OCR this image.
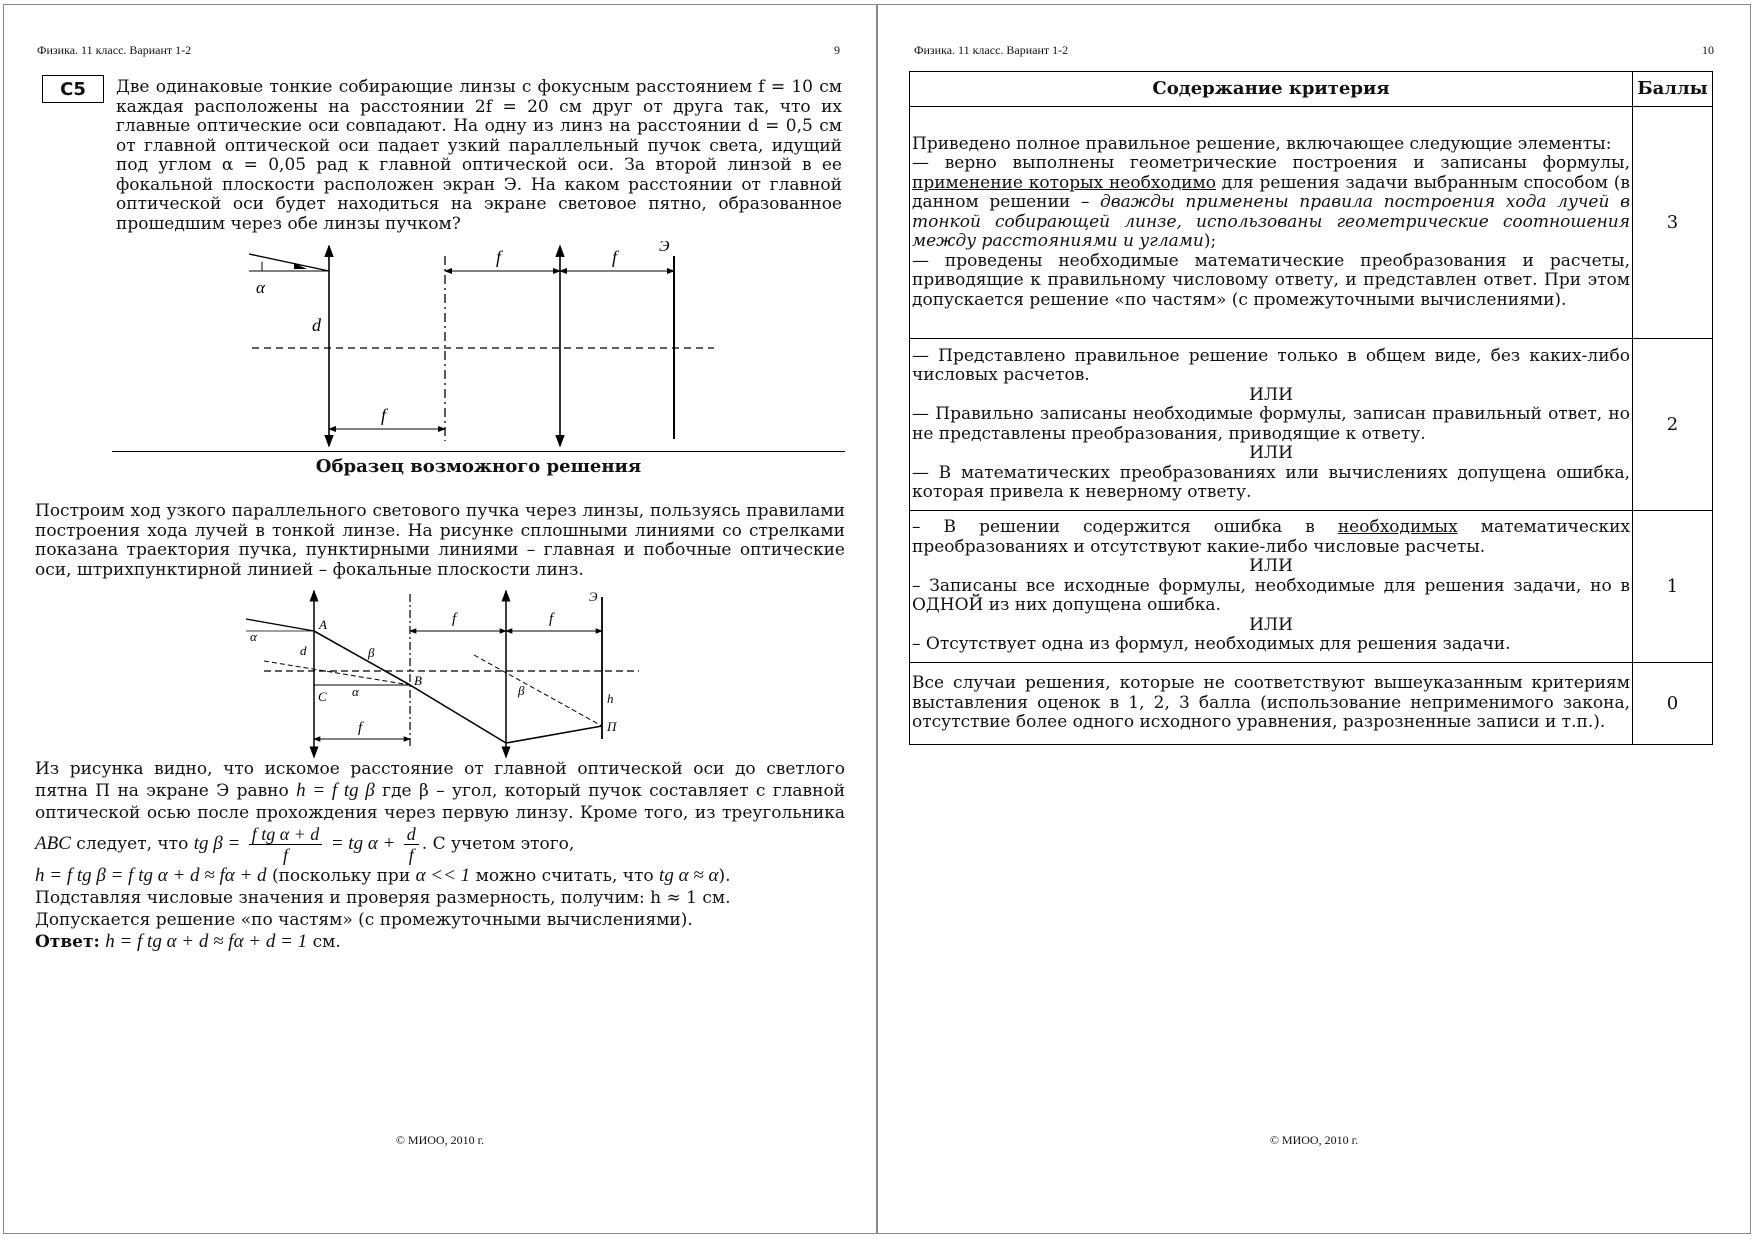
Физика. 11 класс. Вариант 1-2	9
С5	Две одинаковые тонкие собирающие линзы с фокусным расстоянием f = 10 см каждая расположены на расстоянии 2f = 20 см друг от друга так, что их главные оптические оси совпадают. На одну из линз на расстоянии d = 0,5 см от главной оптической оси падает узкий параллельный пучок света, идущий под углом α = 0,05 рад к главной оптической оси. За второй линзой в ее фокальной плоскости расположен экран Э. На каком расстоянии от главной оптической оси будет находиться на экране световое пятно, образованное прошедшим через обе линзы пучком?
α
d
f	f
Э
f
Образец возможного решения
Построим ход узкого параллельного светового пучка через линзы, пользуясь правилами построения хода лучей в тонкой линзе. На рисунке сплошными линиями со стрелками показана траектория пучка, пунктирными линиями – главная и побочные оптические оси, штрихпунктирной линией – фокальные плоскости линз.
f	f
f
A
B
C
α
α
β
β
d
h
П
Э
Из рисунка видно, что искомое расстояние от главной оптической оси до светлого пятна П на экране Э равно h = f tg β где β – угол, который пучок составляет с главной оптической осью после прохождения через первую линзу. Кроме того, из треугольника ABC следует, что tg $\beta = \frac{\text{f tg α + d}}{f}$ = tg $\alpha + \frac{d}{f}$ . С учетом этого,
h = f tg β = f tg α + d ≈ fα + d (поскольку при α << 1 можно считать, что tg α ≈ α).
Подставляя числовые значения и проверяя размерность, получим: h ≈ 1 см.
Допускается решение «по частям» (с промежуточными вычислениями).
Ответ: h = f tg α + d ≈ fα + d = 1 см.
© МИОО, 2010 г.
Физика. 11 класс. Вариант 1-2	10
Содержание критерия	Баллы
Приведено полное правильное решение, включающее следующие элементы:
— верно выполнены геометрические построения и записаны формулы, применение которых необходимо для решения задачи выбранным способом (в данном решении – дважды применены правила построения хода лучей в тонкой собирающей линзе, использованы геометрические соотношения между расстояниями и углами);
— проведены необходимые математические преобразования и расчеты, приводящие к правильному числовому ответу, и представлен ответ. При этом допускается решение «по частям» (с промежуточными вычислениями).	3
— Представлено правильное решение только в общем виде, без каких-либо числовых расчетов.
ИЛИ
— Правильно записаны необходимые формулы, записан правильный ответ, но не представлены преобразования, приводящие к ответу.
ИЛИ
— В математических преобразованиях или вычислениях допущена ошибка, которая привела к неверному ответу.	2
– В решении содержится ошибка в необходимых математических преобразованиях и отсутствуют какие-либо числовые расчеты.
ИЛИ
– Записаны все исходные формулы, необходимые для решения задачи, но в ОДНОЙ из них допущена ошибка.
ИЛИ
– Отсутствует одна из формул, необходимых для решения задачи.	1
Все случаи решения, которые не соответствуют вышеуказанным критериям выставления оценок в 1, 2, 3 балла (использование неприменимого закона, отсутствие более одного исходного уравнения, разрозненные записи и т.п.).	0
© МИОО, 2010 г.
